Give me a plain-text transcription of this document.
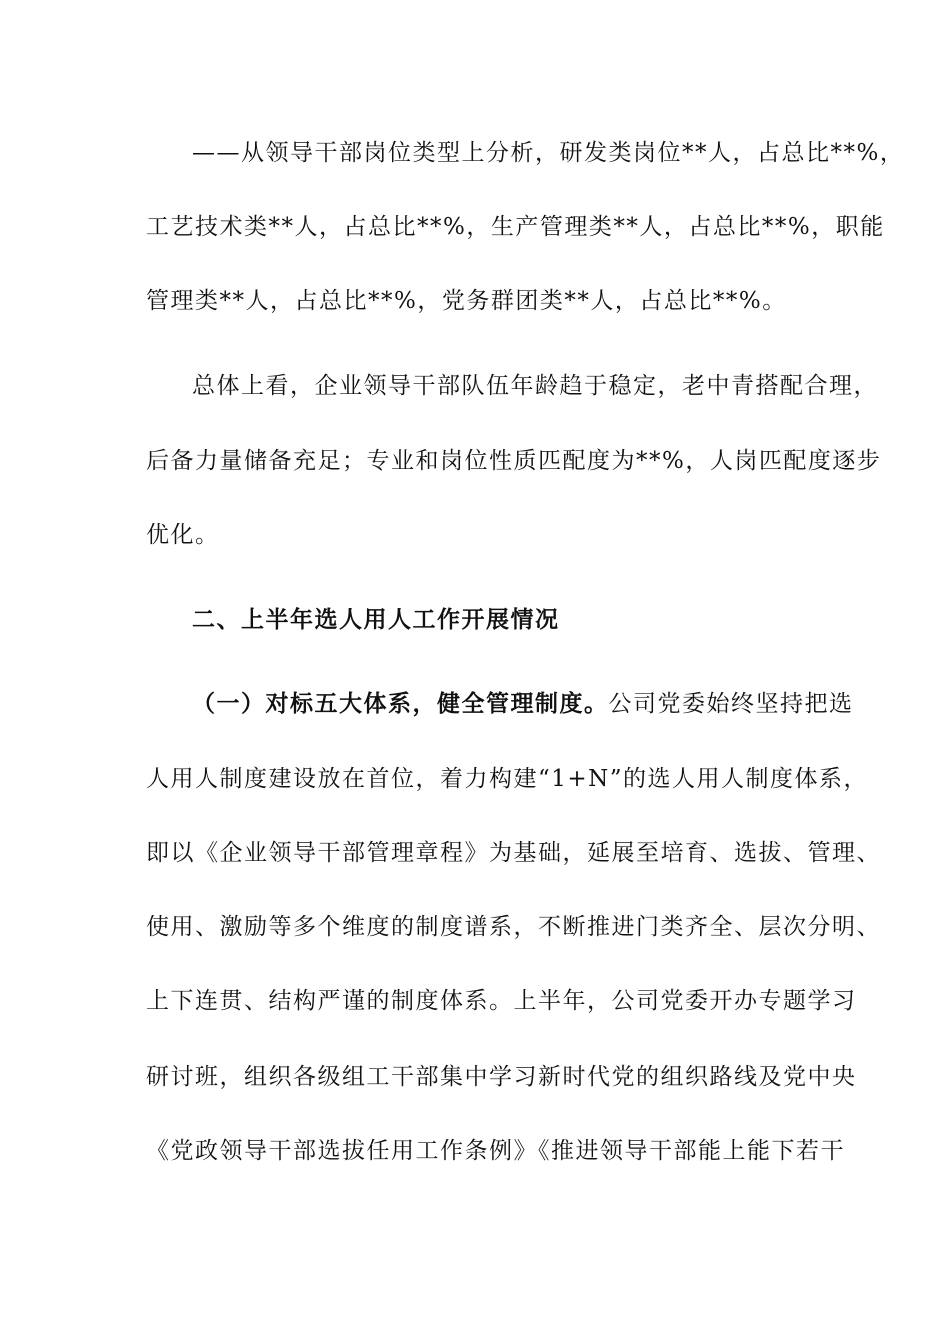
——从领导干部岗位类型上分析，研发类岗位**人，占总比**%，
工艺技术类**人，占总比**%，生产管理类**人，占总比**%，职能
管理类**人，占总比**%，党务群团类**人，占总比**%。
总体上看，企业领导干部队伍年龄趋于稳定，老中青搭配合理，
后备力量储备充足；专业和岗位性质匹配度为**%，人岗匹配度逐步
优化。
二、上半年选人用人工作开展情况
（一）对标五大体系，健全管理制度。公司党委始终坚持把选
人用人制度建设放在首位，着力构建“1+N”的选人用人制度体系，
即以《企业领导干部管理章程》为基础，延展至培育、选拔、管理、
使用、激励等多个维度的制度谱系，不断推进门类齐全、层次分明、
上下连贯、结构严谨的制度体系。上半年，公司党委开办专题学习
研讨班，组织各级组工干部集中学习新时代党的组织路线及党中央
《党政领导干部选拔任用工作条例》《推进领导干部能上能下若干
